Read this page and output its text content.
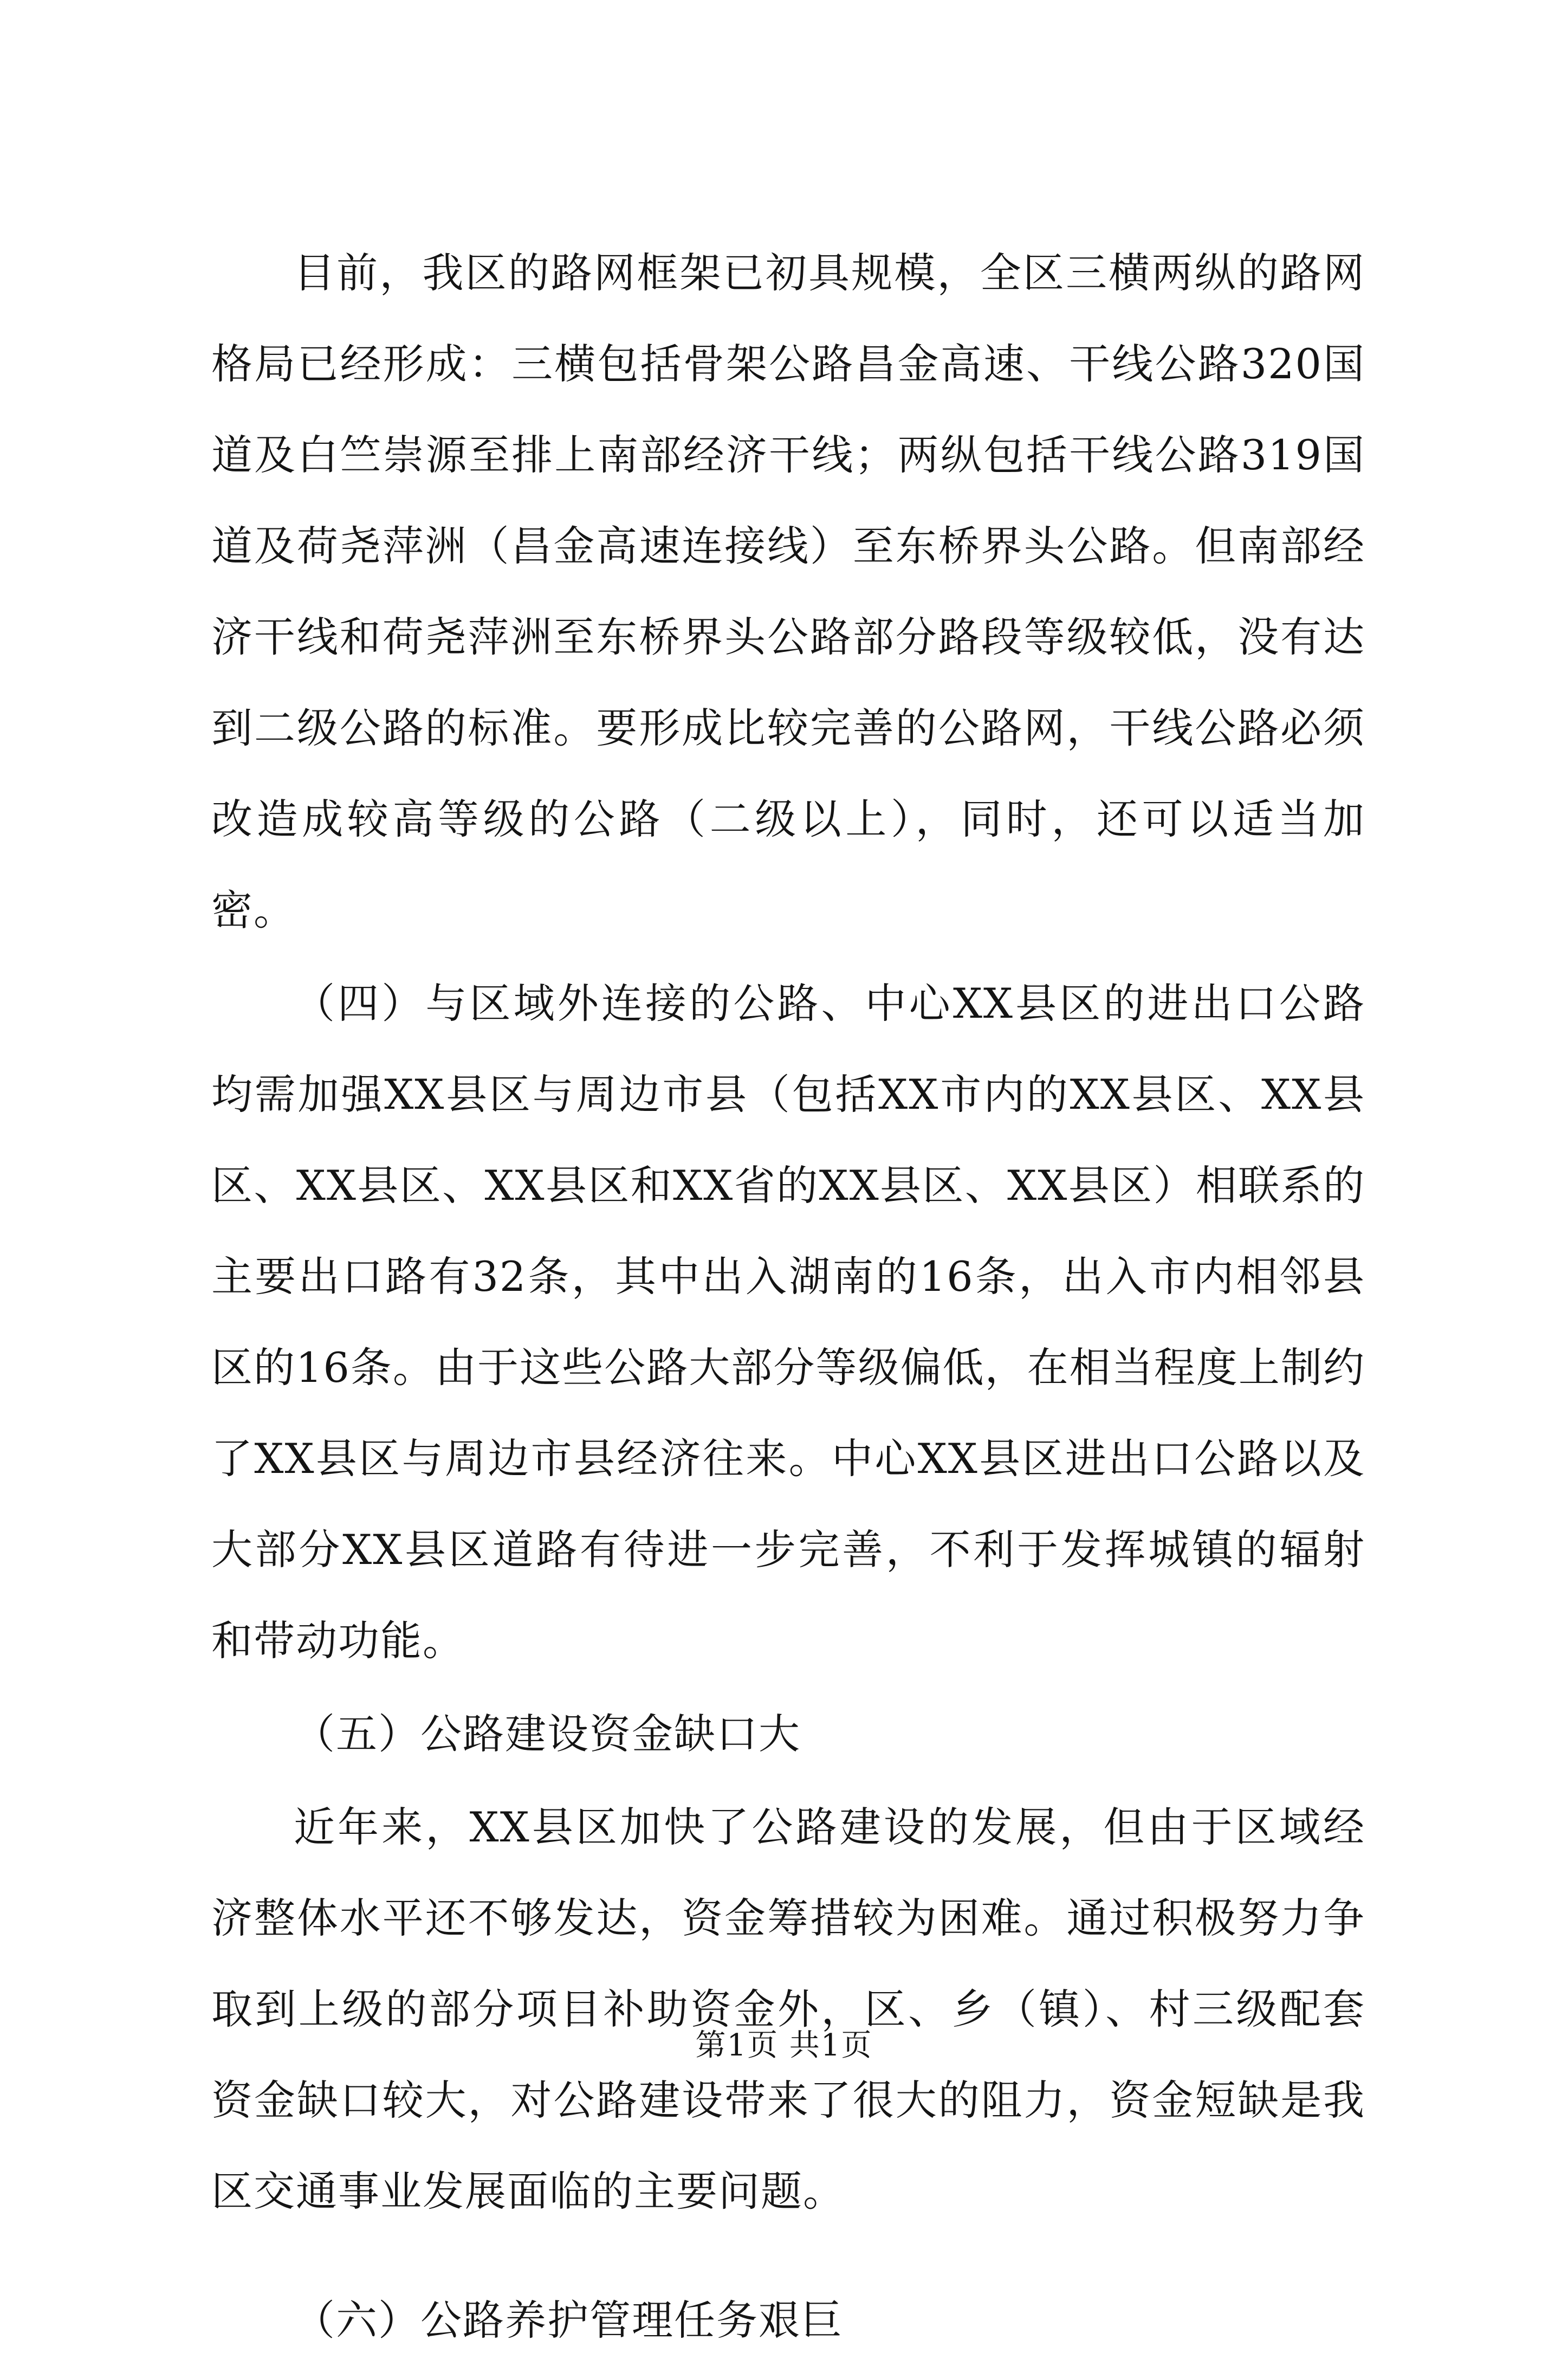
目前，我区的路网框架已初具规模，全区三横两纵的路网格局已经形成：三横包括骨架公路昌金高速、干线公路320国道及白竺崇源至排上南部经济干线；两纵包括干线公路319国道及荷尧萍洲（昌金高速连接线）至东桥界头公路。但南部经济干线和荷尧萍洲至东桥界头公路部分路段等级较低，没有达到二级公路的标准。要形成比较完善的公路网，干线公路必须改造成较高等级的公路（二级以上），同时，还可以适当加密。

（四）与区域外连接的公路、中心XX县区的进出口公路均需加强XX县区与周边市县（包括XX市内的XX县区、XX县区、XX县区、XX县区和XX省的XX县区、XX县区）相联系的主要出口路有32条，其中出入湖南的16条，出入市内相邻县区的16条。由于这些公路大部分等级偏低，在相当程度上制约了XX县区与周边市县经济往来。中心XX县区进出口公路以及大部分XX县区道路有待进一步完善，不利于发挥城镇的辐射和带动功能。

（五）公路建设资金缺口大

近年来，XX县区加快了公路建设的发展，但由于区域经济整体水平还不够发达，资金筹措较为困难。通过积极努力争取到上级的部分项目补助资金外，区、乡（镇）、村三级配套资金缺口较大，对公路建设带来了很大的阻力，资金短缺是我区交通事业发展面临的主要问题。

（六）公路养护管理任务艰巨

第1页 共1页
